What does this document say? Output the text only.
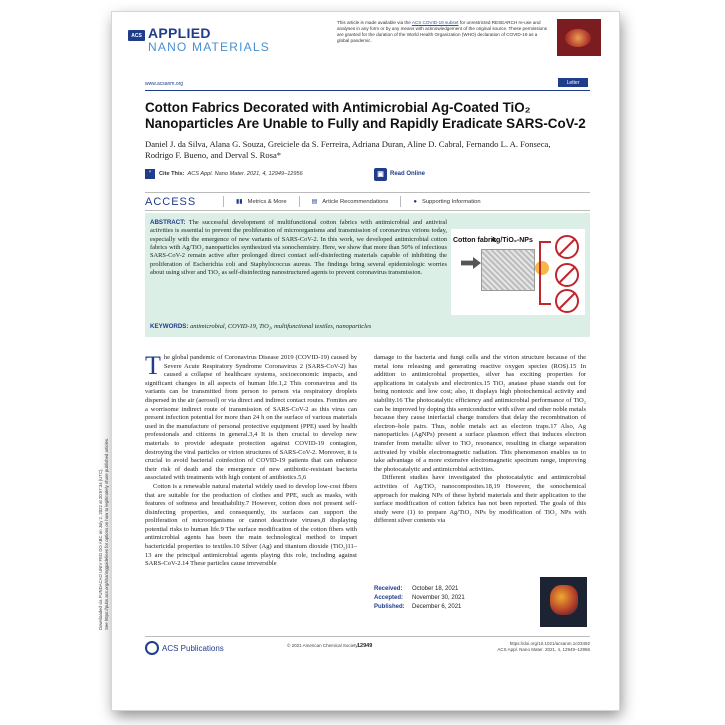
Downloaded via FUNDACAO UNIV FED DO ABC on July 2, 2022 at 20:57:34 (UTC).
See https://pubs.acs.org/sharingguidelines for options on how to legitimately share published articles.
ACS APPLIED
NANO MATERIALS
This article is made available via the ACS COVID-19 subset for unrestricted RESEARCH re-use and analyses in any form or by any means with acknowledgement of the original source. These permissions are granted for the duration of the World Health Organization (WHO) declaration of COVID-19 as a global pandemic.
www.acsanm.org	Letter
Cotton Fabrics Decorated with Antimicrobial Ag-Coated TiO₂ Nanoparticles Are Unable to Fully and Rapidly Eradicate SARS-CoV-2
Daniel J. da Silva, Alana G. Souza, Greiciele da S. Ferreira, Adriana Duran, Aline D. Cabral, Fernando L. A. Fonseca, Rodrigo F. Bueno, and Derval S. Rosa*
“	Cite This: ACS Appl. Nano Mater. 2021, 4, 12949–12956	▣	Read Online
ACCESS	▮▮ Metrics & More	▤ Article Recommendations	● Supporting Information
ABSTRACT: The successful development of multifunctional cotton fabrics with antimicrobial and antiviral activities is essential to prevent the proliferation of microorganisms and transmission of coronavirus virions today, especially with the emergence of new variants of SARS-CoV-2. In this work, we developed antimicrobial cotton fabrics with Ag/TiO₂ nanoparticles synthesized via sonochemistry. Here, we show that more than 50% of infectious SARS-CoV-2 remain active after prolonged direct contact self-disinfecting materials capable of inhibiting the proliferation of Escherichia coli and Staphylococcus aureus. The findings bring several epidemiologic worries about using silver and TiO₂ as self-disinfecting nanostructured agents to prevent coronavirus transmission.
Cotton fabric
Ag/TiO₂-NPs
KEYWORDS: antimicrobial, COVID-19, TiO₂, multifunctional textiles, nanoparticles

The global pandemic of Coronavirus Disease 2019 (COVID-19) caused by Severe Acute Respiratory Syndrome Coronavirus 2 (SARS-CoV-2) has caused a collapse of healthcare systems, socioeconomic impacts, and significant changes in all aspects of human life.1,2 This coronavirus and its variants can be transmitted from person to person via respiratory droplets dispersed in the air (aerosol) or via direct and indirect contact routes. Fomites are a worrisome indirect route of transmission of SARS-CoV-2 as this virus can present infection potential for more than 24 h on the surface of various materials used in the manufacture of personal protective equipment (PPE) used by health professionals and citizens in general.3,4 It is then crucial to develop new materials to provide adequate protection against COVID-19 contagion, destroying the viral particles or virion structures of SARS-CoV-2. Moreover, it is crucial to avoid bacterial coinfection of COVID-19 patients that can enhance their risk of death and the emergence of new antibiotic-resistant bacteria associated with treatments with high content of antibiotics.5,6

Cotton is a renewable natural material widely used to develop low-cost fibers that are suitable for the production of clothes and PPE, such as masks, with features of softness and breathability.7 However, cotton does not present self-disinfecting properties, and consequently, its surfaces can support the proliferation of microorganisms or cannot deactivate viruses,8 displaying potential risks to human life.9 The surface modification of the cotton fibers with antimicrobial agents has been the main technological method to impart bactericidal properties to textiles.10 Silver (Ag) and titanium dioxide (TiO₂)11–13 are the principal antimicrobial agents playing this role, including against SARS-CoV-2.14 These particles cause irreversible

damage to the bacteria and fungi cells and the virion structure because of the metal ions releasing and generating reactive oxygen species (ROS).15 In addition to antimicrobial properties, silver has exciting properties for applications in catalysis and electronics.15 TiO₂ anatase phase stands out for being nontoxic and low cost; also, it displays high photochemical activity and stability.16 The photocatalytic efficiency and antimicrobial performance of TiO₂ can be improved by doping this semiconductor with silver and other noble metals because they cause interfacial charge transfers that delay the recombination of electron–hole pairs. Thus, noble metals act as electron traps.17 Also, Ag nanoparticles (AgNPs) present a surface plasmon effect that induces electron transfer from metallic silver to TiO₂ resonance, resulting in charge separation activated by visible electromagnetic radiation. This phenomenon enables us to take advantage of a more extensive electromagnetic spectrum range, improving the photocatalytic and antimicrobial activities.

Different studies have investigated the photocatalytic and antimicrobial activities of Ag/TiO₂ nanocomposites.18,19 However, the sonochemical approach for making NPs of these hybrid materials and their application to the surface modification of cotton fabrics has not been reported. The goals of this study were (1) to prepare Ag/TiO₂ NPs by modification of TiO₂ NPs with different silver contents via

Received: October 18, 2021
Accepted: November 30, 2021
Published: December 6, 2021
ACS Publications	© 2021 American Chemical Society 12949	https://doi.org/10.1021/acsanm.1c03492
ACS Appl. Nano Mater. 2021, 4, 12949–12956
